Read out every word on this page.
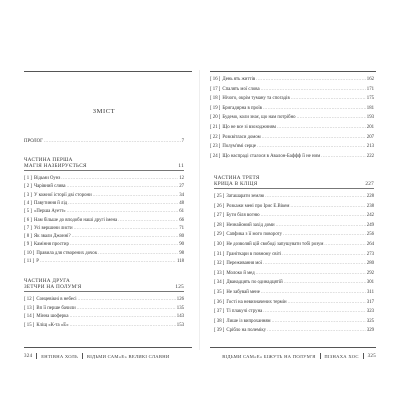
ЗМІСТ
ПРОЛОГ .....	7
ЧАСТИНА ПЕРША
МАГІЯ НАЗБИРУЄТЬСЯ	11
[ 1 ] Відьми Оунз .....	12
[ 2 ] Чарівний слива .....	27
[ 3 ] У кожної історії дві сторони .....	34
[ 4 ] Павутиння й лід .....	48
[ 5 ] «Перша Ауетт» .....	61
[ 6 ] Нам більше до вподоби наші другі імена .....	66
[ 7 ] Усі вершини листи .....	71
[ 8 ] Як звали Джонні? .....	80
[ 9 ] Каміння простир .....	90
[ 10 ] Правила для створених дочок .....	98
[ 11 ] Р .....	118
ЧАСТИНА ДРУГА
ЗЕТЧРИ НА ПОЛУМ'Я	125
[ 12 ] Сонцевікні в небесі .....	126
[ 13 ] Вп її перше бачили .....	135
[ 14 ] Мінна шоферка .....	143
[ 15 ] Кліщ «К-та «Е» .....	153
324 ЕНТІВНА ХОЛЬ ВІДЬМИ САМ«Е» ВЕЛИКІ СЛАВНИ
[ 16 ] День ять життів .....	162
[ 17 ] Спалять мої слова .....	171
[ 18 ] Нічого, окрім туману та спогадів .....	175
[ 19 ] Бригадирна в проїв .....	181
[ 20 ] Будемо, коли знає, що нам потрібно .....	193
[ 21 ] Що не все зі взоходжнням .....	201
[ 22 ] Розквітласи домом .....	207
[ 23 ] Полум'ямі серце .....	213
[ 24 ] Що наспраді сталося в Авалон-Баффф її не ним .....	222
ЧАСТИНА ТРЕТЯ
КРИЦА В КЛІЦЯ	227
[ 25 ] Заташарати землю .....	228
[ 26 ] Розкажи мені про Ірис Е.Вікем .....	238
[ 27 ] Бути біля вогню .....	242
[ 28 ] Незнайомий захід доми .....	249
[ 29 ] Сапфика з її мого повороту .....	256
[ 30 ] Не дозволяй цій свободі запушувати тобі розум .....	264
[ 31 ] Граніткари в повному світі .....	273
[ 32 ] Переживання мої .....	280
[ 33 ] Молоко й мед .....	292
[ 34 ] Дванадцять по одинадцятій .....	301
[ 35 ] Не забувай мене .....	311
[ 36 ] Гості на невизначених термін .....	317
[ 37 ] Ті плакучі струна .....	323
[ 38 ] Лише із випроханням .....	325
[ 39 ] Срібло на полеміку .....	329
ВІДЬМИ САМ«Е» БІЖУТЬ НА ПОЛУМ'Я ПІЗНАХА ХОС 325
